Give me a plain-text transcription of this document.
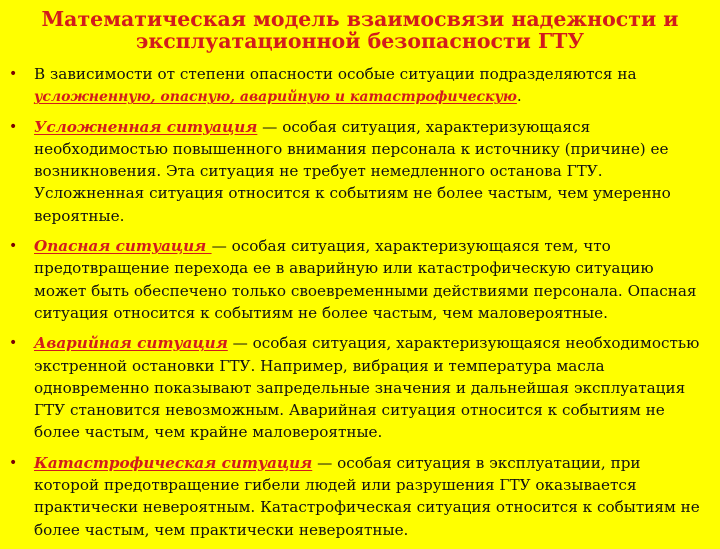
Математическая модель взаимосвязи надежности и эксплуатационной безопасности ГТУ
• В зависимости от степени опасности особые ситуации подразделяются на усложненную, опасную, аварийную и катастрофическую.
• Усложненная ситуация — особая ситуация, характеризующаяся необходимостью повышенного внимания персонала к источнику (причине) ее возникновения. Эта ситуация не требует немедленного останова ГТУ. Усложненная ситуация относится к событиям не более частым, чем умеренно вероятные.
• Опасная ситуация — особая ситуация, характеризующаяся тем, что предотвращение перехода ее в аварийную или катастрофическую ситуацию может быть обеспечено только своевременными действиями персонала. Опасная ситуация относится к событиям не более частым, чем маловероятные.
• Аварийная ситуация — особая ситуация, характеризующаяся необходимостью экстренной остановки ГТУ. Например, вибрация и температура масла одновременно показывают запредельные значения и дальнейшая эксплуатация ГТУ становится невозможным. Аварийная ситуация относится к событиям не более частым, чем крайне маловероятные.
• Катастрофическая ситуация — особая ситуация в эксплуатации, при которой предотвращение гибели людей или разрушения ГТУ оказывается практически невероятным. Катастрофическая ситуация относится к событиям не более частым, чем практически невероятные.
